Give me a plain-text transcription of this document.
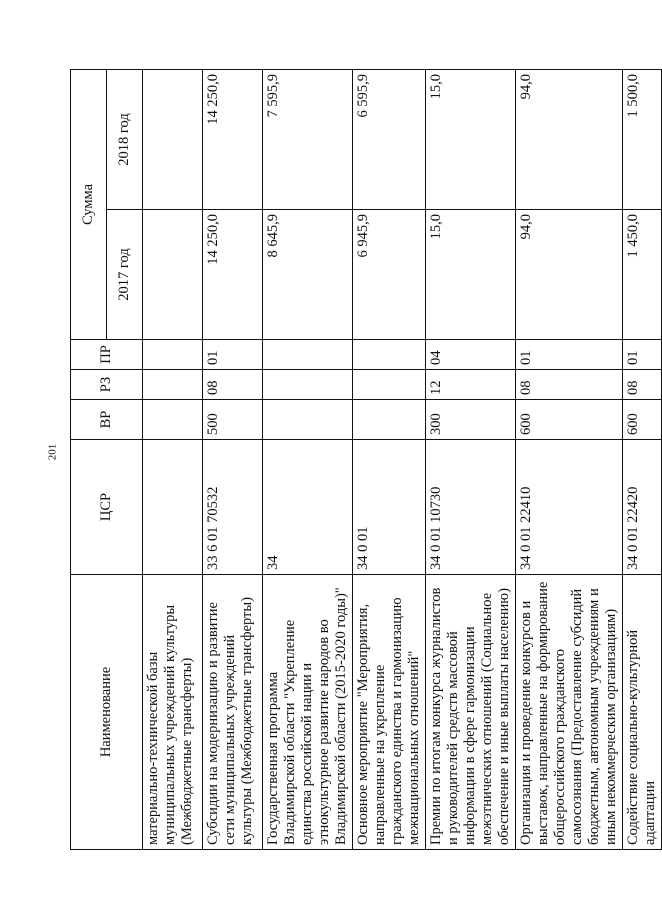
201
Наименование	ЦСР	ВР	РЗ	ПР	Сумма	
					2017 год	2018 год
материально-технической базы муниципальных учреждений культуры (Межбюджетные трансферты)						
Субсидии на модернизацию и развитие сети муниципальных учреждений культуры (Межбюджетные трансферты)	33 6 01 70532	500	08	01	14 250,0	14 250,0
Государственная программа Владимирской области "Укрепление единства российской нации и этнокультурное развитие народов во Владимирской области (2015-2020 годы)"	34				8 645,9	7 595,9
Основное мероприятие "Мероприятия, направленные на укрепление гражданского единства и гармонизацию межнациональных отношений"	34 0 01				6 945,9	6 595,9
Премии по итогам конкурса журналистов и руководителей средств массовой информации в сфере гармонизации межэтнических отношений (Социальное обеспечение и иные выплаты населению)	34 0 01 10730	300	12	04	15,0	15,0
Организация и проведение конкурсов и выставок, направленные на формирование общероссийского гражданского самосознания (Предоставление субсидий бюджетным, автономным учреждениям и иным некоммерческим организациям)	34 0 01 22410	600	08	01	94,0	94,0
Содействие социально-культурной адаптации	34 0 01 22420	600	08	01	1 450,0	1 500,0
